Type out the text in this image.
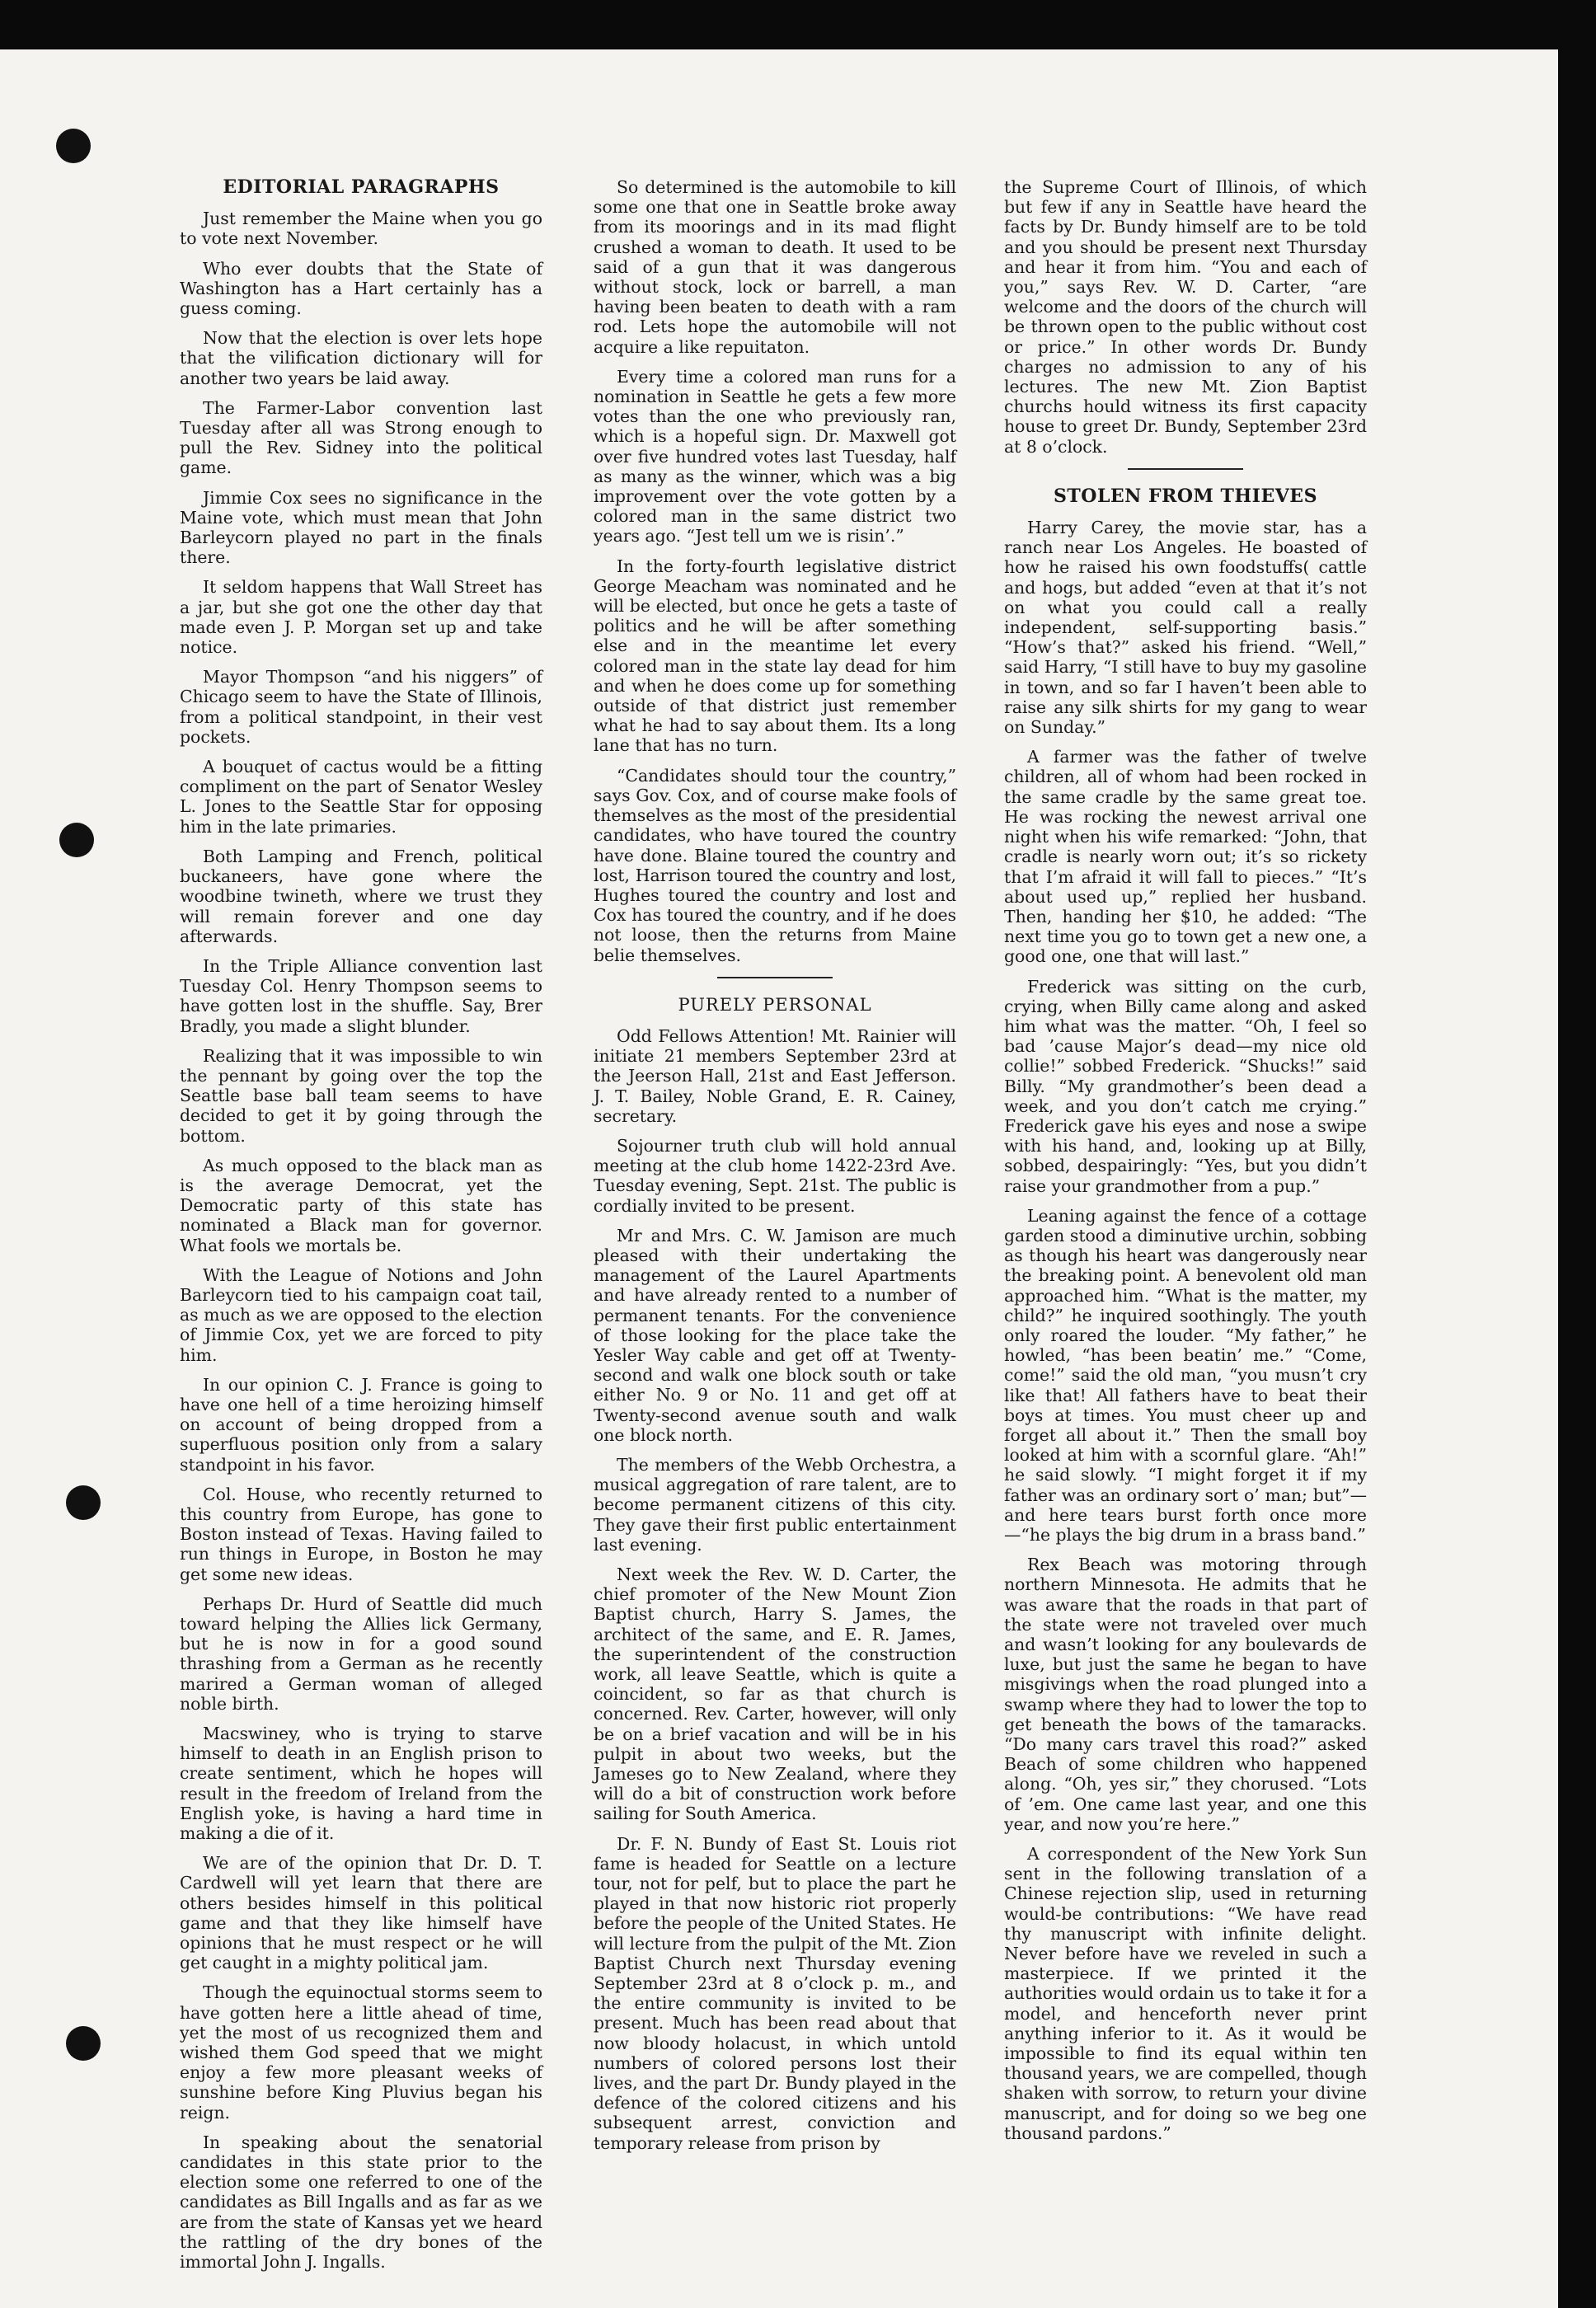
EDITORIAL PARAGRAPHS

Just remember the Maine when you go to vote next November.

Who ever doubts that the State of Washington has a Hart certainly has a guess coming.

Now that the election is over lets hope that the vilification dictionary will for another two years be laid away.

The Farmer-Labor convention last Tuesday after all was Strong enough to pull the Rev. Sidney into the political game.

Jimmie Cox sees no significance in the Maine vote, which must mean that John Barleycorn played no part in the finals there.

It seldom happens that Wall Street has a jar, but she got one the other day that made even J. P. Morgan set up and take notice.

Mayor Thompson “and his niggers” of Chicago seem to have the State of Illinois, from a political standpoint, in their vest pockets.

A bouquet of cactus would be a fitting compliment on the part of Senator Wesley L. Jones to the Seattle Star for opposing him in the late primaries.

Both Lamping and French, political buckaneers, have gone where the woodbine twineth, where we trust they will remain forever and one day afterwards.

In the Triple Alliance convention last Tuesday Col. Henry Thompson seems to have gotten lost in the shuffle. Say, Brer Bradly, you made a slight blunder.

Realizing that it was impossible to win the pennant by going over the top the Seattle base ball team seems to have decided to get it by going through the bottom.

As much opposed to the black man as is the average Democrat, yet the Democratic party of this state has nominated a Black man for governor. What fools we mortals be.

With the League of Notions and John Barleycorn tied to his campaign coat tail, as much as we are opposed to the election of Jimmie Cox, yet we are forced to pity him.

In our opinion C. J. France is going to have one hell of a time heroizing himself on account of being dropped from a superfluous position only from a salary standpoint in his favor.

Col. House, who recently returned to this country from Europe, has gone to Boston instead of Texas. Having failed to run things in Europe, in Boston he may get some new ideas.

Perhaps Dr. Hurd of Seattle did much toward helping the Allies lick Germany, but he is now in for a good sound thrashing from a German as he recently marired a German woman of alleged noble birth.

Macswiney, who is trying to starve himself to death in an English prison to create sentiment, which he hopes will result in the freedom of Ireland from the English yoke, is having a hard time in making a die of it.

We are of the opinion that Dr. D. T. Cardwell will yet learn that there are others besides himself in this political game and that they like himself have opinions that he must respect or he will get caught in a mighty political jam.

Though the equinoctual storms seem to have gotten here a little ahead of time, yet the most of us recognized them and wished them God speed that we might enjoy a few more pleasant weeks of sunshine before King Pluvius began his reign.

In speaking about the senatorial candidates in this state prior to the election some one referred to one of the candidates as Bill Ingalls and as far as we are from the state of Kansas yet we heard the rattling of the dry bones of the immortal John J. Ingalls.

So determined is the automobile to kill some one that one in Seattle broke away from its moorings and in its mad flight crushed a woman to death. It used to be said of a gun that it was dangerous without stock, lock or barrell, a man having been beaten to death with a ram rod. Lets hope the automobile will not acquire a like repuitaton.

Every time a colored man runs for a nomination in Seattle he gets a few more votes than the one who previously ran, which is a hopeful sign. Dr. Maxwell got over five hundred votes last Tuesday, half as many as the winner, which was a big improvement over the vote gotten by a colored man in the same district two years ago. “Jest tell um we is risin’.”

In the forty-fourth legislative district George Meacham was nominated and he will be elected, but once he gets a taste of politics and he will be after something else and in the meantime let every colored man in the state lay dead for him and when he does come up for something outside of that district just remember what he had to say about them. Its a long lane that has no turn.

“Candidates should tour the country,” says Gov. Cox, and of course make fools of themselves as the most of the presidential candidates, who have toured the country have done. Blaine toured the country and lost, Harrison toured the country and lost, Hughes toured the country and lost and Cox has toured the country, and if he does not loose, then the returns from Maine belie themselves.

PURELY PERSONAL

Odd Fellows Attention! Mt. Rainier will initiate 21 members September 23rd at the Jeerson Hall, 21st and East Jefferson. J. T. Bailey, Noble Grand, E. R. Cainey, secretary.

Sojourner truth club will hold annual meeting at the club home 1422-23rd Ave. Tuesday evening, Sept. 21st. The public is cordially invited to be present.

Mr and Mrs. C. W. Jamison are much pleased with their undertaking the management of the Laurel Apartments and have already rented to a number of permanent tenants. For the convenience of those looking for the place take the Yesler Way cable and get off at Twenty-second and walk one block south or take either No. 9 or No. 11 and get off at Twenty-second avenue south and walk one block north.

The members of the Webb Orchestra, a musical aggregation of rare talent, are to become permanent citizens of this city. They gave their first public entertainment last evening.

Next week the Rev. W. D. Carter, the chief promoter of the New Mount Zion Baptist church, Harry S. James, the architect of the same, and E. R. James, the superintendent of the construction work, all leave Seattle, which is quite a coincident, so far as that church is concerned. Rev. Carter, however, will only be on a brief vacation and will be in his pulpit in about two weeks, but the Jameses go to New Zealand, where they will do a bit of construction work before sailing for South America.

Dr. F. N. Bundy of East St. Louis riot fame is headed for Seattle on a lecture tour, not for pelf, but to place the part he played in that now historic riot properly before the people of the United States. He will lecture from the pulpit of the Mt. Zion Baptist Church next Thursday evening September 23rd at 8 o’clock p. m., and the entire community is invited to be present. Much has been read about that now bloody holacust, in which untold numbers of colored persons lost their lives, and the part Dr. Bundy played in the defence of the colored citizens and his subsequent arrest, conviction and temporary release from prison by

the Supreme Court of Illinois, of which but few if any in Seattle have heard the facts by Dr. Bundy himself are to be told and you should be present next Thursday and hear it from him. “You and each of you,” says Rev. W. D. Carter, “are welcome and the doors of the church will be thrown open to the public without cost or price.” In other words Dr. Bundy charges no admission to any of his lectures. The new Mt. Zion Baptist churchs hould witness its first capacity house to greet Dr. Bundy, September 23rd at 8 o’clock.

STOLEN FROM THIEVES

Harry Carey, the movie star, has a ranch near Los Angeles. He boasted of how he raised his own foodstuffs( cattle and hogs, but added “even at that it’s not on what you could call a really independent, self-supporting basis.” “How’s that?” asked his friend. “Well,” said Harry, “I still have to buy my gasoline in town, and so far I haven’t been able to raise any silk shirts for my gang to wear on Sunday.”

A farmer was the father of twelve children, all of whom had been rocked in the same cradle by the same great toe. He was rocking the newest arrival one night when his wife remarked: “John, that cradle is nearly worn out; it’s so rickety that I’m afraid it will fall to pieces.” “It’s about used up,” replied her husband. Then, handing her $10, he added: “The next time you go to town get a new one, a good one, one that will last.”

Frederick was sitting on the curb, crying, when Billy came along and asked him what was the matter. “Oh, I feel so bad ’cause Major’s dead—my nice old collie!” sobbed Frederick. “Shucks!” said Billy. “My grandmother’s been dead a week, and you don’t catch me crying.” Frederick gave his eyes and nose a swipe with his hand, and, looking up at Billy, sobbed, despairingly: “Yes, but you didn’t raise your grandmother from a pup.”

Leaning against the fence of a cottage garden stood a diminutive urchin, sobbing as though his heart was dangerously near the breaking point. A benevolent old man approached him. “What is the matter, my child?” he inquired soothingly. The youth only roared the louder. “My father,” he howled, “has been beatin’ me.” “Come, come!” said the old man, “you musn’t cry like that! All fathers have to beat their boys at times. You must cheer up and forget all about it.” Then the small boy looked at him with a scornful glare. “Ah!” he said slowly. “I might forget it if my father was an ordinary sort o’ man; but”—and here tears burst forth once more—“he plays the big drum in a brass band.”

Rex Beach was motoring through northern Minnesota. He admits that he was aware that the roads in that part of the state were not traveled over much and wasn’t looking for any boulevards de luxe, but just the same he began to have misgivings when the road plunged into a swamp where they had to lower the top to get beneath the bows of the tamaracks. “Do many cars travel this road?” asked Beach of some children who happened along. “Oh, yes sir,” they chorused. “Lots of ’em. One came last year, and one this year, and now you’re here.”

A correspondent of the New York Sun sent in the following translation of a Chinese rejection slip, used in returning would-be contributions: “We have read thy manuscript with infinite delight. Never before have we reveled in such a masterpiece. If we printed it the authorities would ordain us to take it for a model, and henceforth never print anything inferior to it. As it would be impossible to find its equal within ten thousand years, we are compelled, though shaken with sorrow, to return your divine manuscript, and for doing so we beg one thousand pardons.”
